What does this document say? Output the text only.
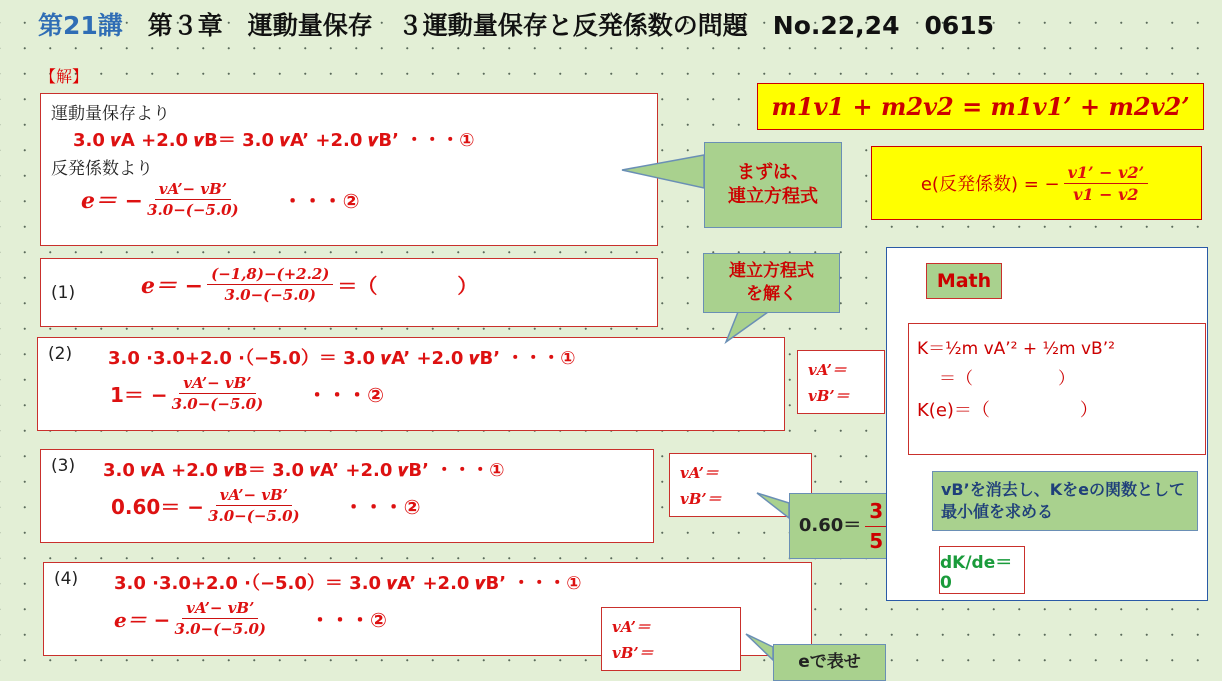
第21講　第３章　運動量保存　３運動量保存と反発係数の問題　No.22,24　0615
【解】
運動量保存より
3.0 𝒗A +2.0 𝒗B＝ 3.0 𝒗A’ +2.0 𝒗B’ ・・・①
反発係数より
$e= - \frac{vA’- vB’}{3.0-(-5.0)}$ ・・・②
(1)	$e= - \frac{(-1,8)-(+2.2)}{3.0-(-5.0)}$ ＝（　　　　）
(2) 3.0 ·3.0+2.0 ·（−5.0）＝ 3.0 𝒗A’ +2.0 𝒗B’ ・・・①
$1= - \frac{vA’- vB’}{3.0-(-5.0)}$ ・・・②
(3) 3.0 𝒗A +2.0 𝒗B＝ 3.0 𝒗A’ +2.0 𝒗B’ ・・・①
$0.60= - \frac{vA’- vB’}{3.0-(-5.0)}$ ・・・②
(4) 3.0 ·3.0+2.0 ·（−5.0）＝ 3.0 𝒗A’ +2.0 𝒗B’ ・・・①
$e= - \frac{vA’- vB’}{3.0-(-5.0)}$ ・・・②
vA’＝
vB’＝
vA’＝
vB’＝
vA’＝
vB’＝
まずは、
連立方程式
連立方程式
を解く
$0.60= \frac{3}{5}$
eで表せ
m1v1 + m2v2 = m1v1’ + m2v2’
e(反発係数) = − $\frac{v1’ - v2’}{v1 - v2}$
Math
K＝½m vA’² + ½m vB’²
＝（　　　　　）
K(e)＝（　　　　　）
dK/de＝0
vB’を消去し、Kをeの関数として最小値を求める
